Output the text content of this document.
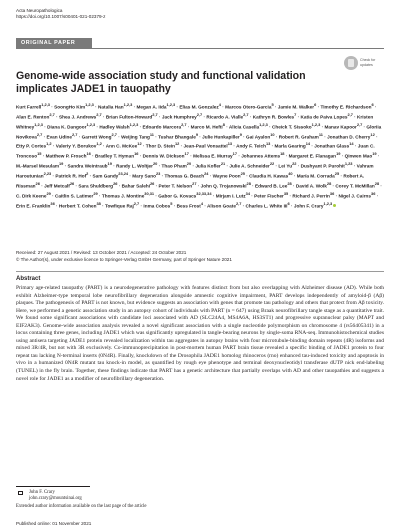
Acta Neuropathologica
https://doi.org/10.1007/s00401-021-02379-z
ORIGINAL PAPER
Check for
updates
Genome-wide association study and functional validation implicates JADE1 in tauopathy
Kurt Farrell$^{1,2,3}$ · SoongHo Kim$^{1,2,3}$ · Natalia Han$^{1,2,3}$ · Megan A. Iida$^{1,2,3}$ · Elias M. Gonzalez$^4$ · Marcos Otero-Garcia$^5$ · Jamie M. Walker$^6$ · Timothy E. Richardson$^6$ · Alan E. Renton$^{2,7}$ · Shea J. Andrews$^{2,7}$ · Brian Fulton-Howard$^{2,7}$ · Jack Humphrey$^{2,7}$ · Ricardo A. Vialle$^{2,7}$ · Kathryn R. Bowles$^7$ · Katia de Paiva Lopes$^{2,7}$ · Kristen Whitney$^{1,2,3}$ · Diana K. Dangoor$^{1,2,3}$ · Hadley Walsh$^{1,2,3}$ · Edoardo Marcora$^{2,7}$ · Marco M. Hefti$^8$ · Alicia Casella$^{1,2,3}$ · Cheick T. Sissoko$^{1,2,3}$ · Manav Kapoor$^{2,7}$ · Gloriia Novikova$^{2,7}$ · Evan Udine$^{2,7}$ · Garrett Wong$^{2,7}$ · Weijing Tang$^{11}$ · Tushar Bhangale$^9$ · Julie Hunkapiller$^9$ · Gai Ayalon$^{10}$ · Robert R. Graham$^{11}$ · Jonathan D. Cherry$^{12}$ · Etty P. Cortes$^{1,2}$ · Valeriy Y. Borukov$^{1,2}$ · Ann C. McKee$^{12}$ · Thor D. Stein$^{12}$ · Jean-Paul Vonsattel$^{13}$ · Andy F. Teich$^{13}$ · Marla Gearing$^{14}$ · Jonathan Glass$^{14}$ · Juan C. Troncoso$^{15}$ · Matthew P. Frosch$^{16}$ · Bradley T. Hyman$^{16}$ · Dennis W. Dickson$^{17}$ · Melissa E. Murray$^{17}$ · Johannes Attems$^{18}$ · Margaret E. Flanagan$^{19}$ · Qinwen Mao$^{19}$ · M.-Marsel Mesulam$^{19}$ · Sandra Weintraub$^{19}$ · Randy L. Woltjer$^{20}$ · Thao Pham$^{20}$ · Julia Kofler$^{21}$ · Julie A. Schneider$^{22}$ · Lei $Yu^{22}$ · Dushyant P. Purohit$^{1,23}$ · Vahram Haroutunian$^{2,23}$ · Patrick R. Hof$^2$ · Sam Gandy$^{23,24}$ · Mary Sano$^{23}$ · Thomas G. Beach$^{24}$ · Wayne Poon$^{25}$ · Claudia H. Kawas$^{40}$ · María M. Corrada$^{25}$ · Robert A. Rissman$^{26}$ · Jeff Metcalf$^{26}$ · Sara Shuldberg$^{26}$ · Bahar Salehi$^{26}$ · Peter T. Nelson$^{27}$ · John Q. Trojanowski$^{28}$ · Edward B. Lee$^{28}$ · David A. Wolk$^{28}$ · Corey T. McMillan$^{28}$ · C. Dirk Keene$^{29}$ · Caitlin S. Latimer$^{29}$ · Thomas J. Montine$^{30,31}$ · Gabor G. Kovacs$^{32,33,34}$ · Mirjam I. Lutz$^{34}$ · Peter Fischer$^{35}$ · Richard J. Perrin$^{36}$ · Nigel J. Cairns$^{36}$ · Erin E. Franklin$^{36}$ · Herbert T. Cohen$^{38}$ · Towfique Raj$^{2,7}$ · Inma Cobos$^5$ · Bess Frost$^4$ · Alison Goate$^{2,7}$ · Charles L. White $III^6$ · John F. Crary$^{1,2,3}$
Received: 27 August 2021 / Revised: 13 October 2021 / Accepted: 24 October 2021
© The Author(s), under exclusive licence to Springer-Verlag GmbH Germany, part of Springer Nature 2021
Abstract

Primary age-related tauopathy (PART) is a neurodegenerative pathology with features distinct from but also overlapping with Alzheimer disease (AD). While both exhibit Alzheimer-type temporal lobe neurofibrillary degeneration alongside amnestic cognitive impairment, PART develops independently of amyloid-β (Aβ) plaques. The pathogenesis of PART is not known, but evidence suggests an association with genes that promote tau pathology and others that protect from Aβ toxicity. Here, we performed a genetic association study in an autopsy cohort of individuals with PART (n = 647) using Braak neurofibrillary tangle stage as a quantitative trait. We found some significant associations with candidate loci associated with AD (SLC24A4, MS4A6A, HS3ST1) and progressive supranuclear palsy (MAPT and EIF2AK3). Genome-wide association analysis revealed a novel significant association with a single nucleotide polymorphism on chromosome 4 (rs56405341) in a locus containing three genes, including JADE1 which was significantly upregulated in tangle-bearing neurons by single-soma RNA-seq. Immunohistochemical studies using antisera targeting JADE1 protein revealed localization within tau aggregates in autopsy brains with four microtubule-binding domain repeats (4R) isoforms and mixed 3R/4R, but not with 3R exclusively. Co-immunoprecipitation in post-mortem human PART brain tissue revealed a specific binding of JADE1 protein to four repeat tau lacking N-terminal inserts (0N4R). Finally, knockdown of the Drosophila JADE1 homolog rhinoceros (rno) enhanced tau-induced toxicity and apoptosis in vivo in a humanized 0N4R mutant tau knock-in model, as quantified by rough eye phenotype and terminal deoxynucleotidyl transferase dUTP nick end-labeling (TUNEL) in the fly brain. Together, these findings indicate that PART has a genetic architecture that partially overlaps with AD and other tauopathies and suggests a novel role for JADE1 as a modifier of neurofibrillary degeneration.

John F. Crary
john.crary@mountsinai.org
Extended author information available on the last page of the article
Published online: 01 November 2021
